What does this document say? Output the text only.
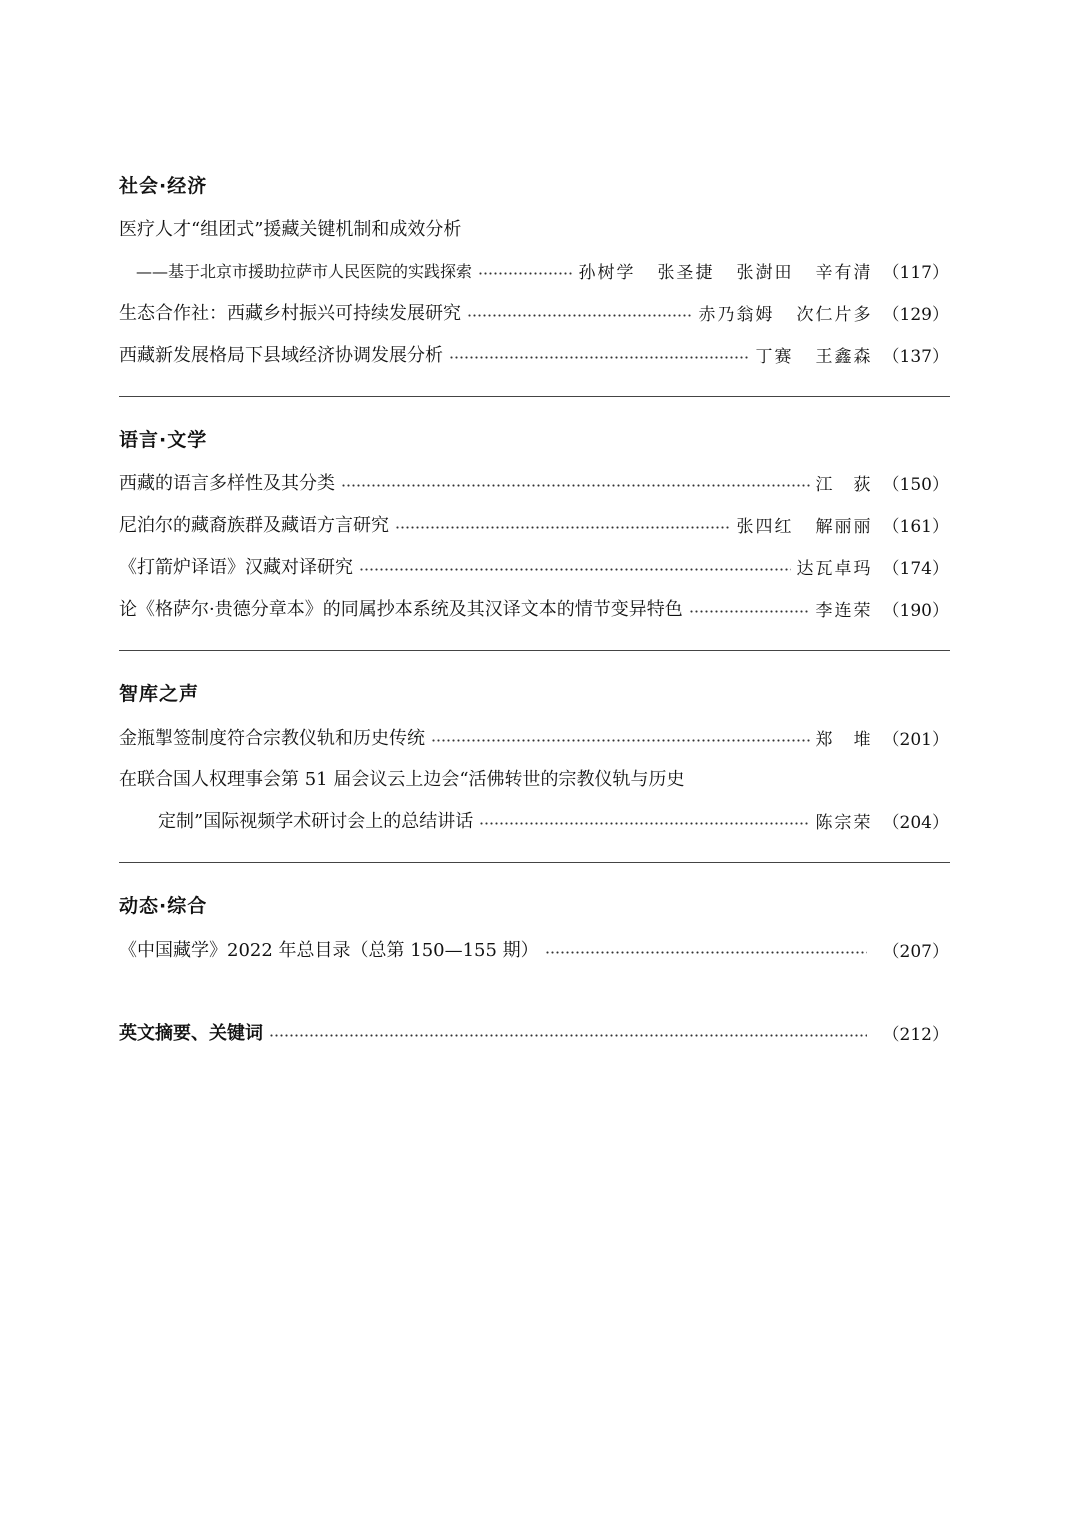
社会·经济
医疗人才“组团式”援藏关键机制和成效分析
——基于北京市援助拉萨市人民医院的实践探索	孙树学 张圣捷 张澍田 辛有清 （117）
生态合作社：西藏乡村振兴可持续发展研究	赤乃翁姆 次仁片多 （129）
西藏新发展格局下县域经济协调发展分析	丁赛 王鑫森 （137）
语言·文学
西藏的语言多样性及其分类	江　荻 （150）
尼泊尔的藏裔族群及藏语方言研究	张四红 解丽丽 （161）
《打箭炉译语》汉藏对译研究	达瓦卓玛 （174）
论《格萨尔·贵德分章本》的同属抄本系统及其汉译文本的情节变异特色	李连荣 （190）
智库之声
金瓶掣签制度符合宗教仪轨和历史传统	郑　堆 （201）
在联合国人权理事会第 51 届会议云上边会“活佛转世的宗教仪轨与历史
定制”国际视频学术研讨会上的总结讲话	陈宗荣 （204）
动态·综合
《中国藏学》2022 年总目录（总第 150—155 期）	（207）
英文摘要、关键词	（212）
